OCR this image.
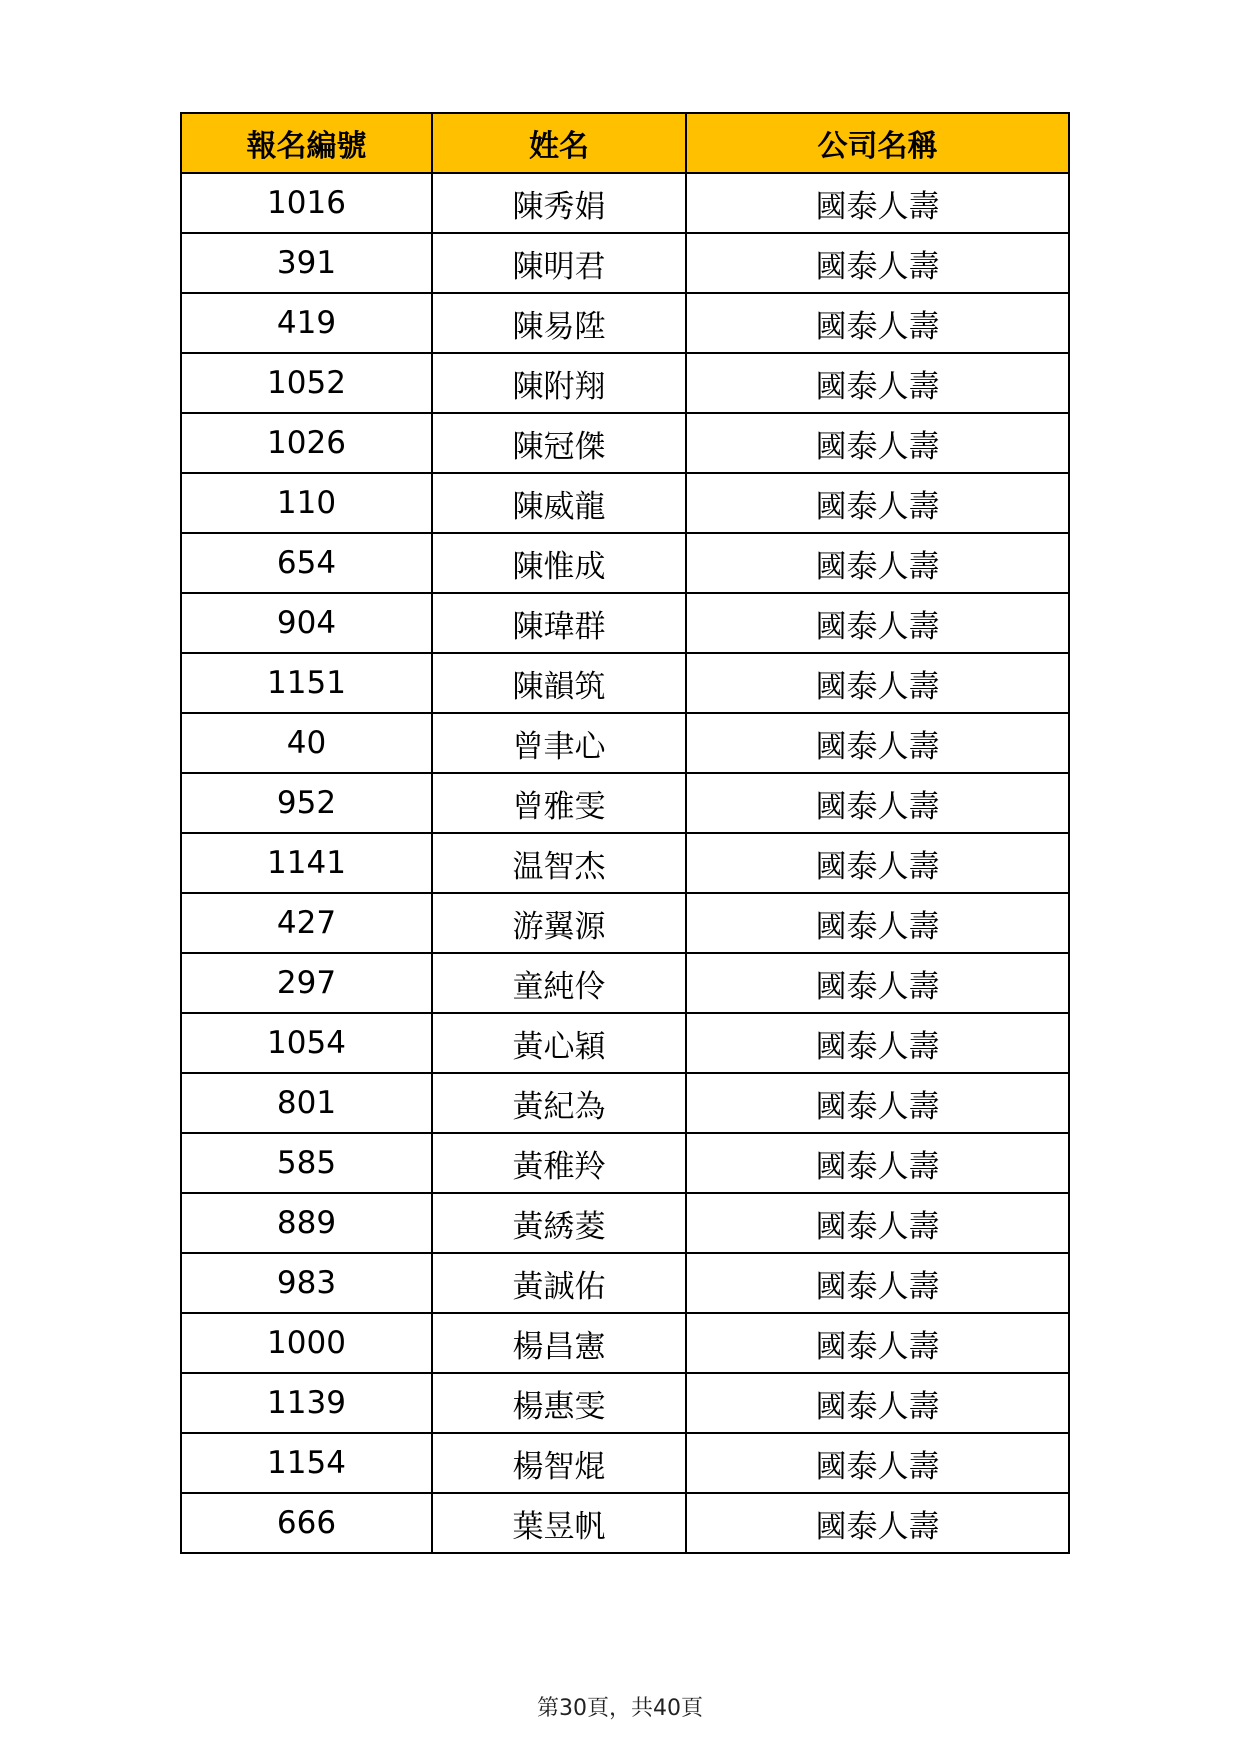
報名編號	姓名	公司名稱
1016	陳秀娟	國泰人壽
391	陳明君	國泰人壽
419	陳易陞	國泰人壽
1052	陳附翔	國泰人壽
1026	陳冠傑	國泰人壽
110	陳威龍	國泰人壽
654	陳惟成	國泰人壽
904	陳瑋群	國泰人壽
1151	陳韻筑	國泰人壽
40	曾聿心	國泰人壽
952	曾雅雯	國泰人壽
1141	温智杰	國泰人壽
427	游翼源	國泰人壽
297	童純伶	國泰人壽
1054	黃心穎	國泰人壽
801	黃紀為	國泰人壽
585	黃稚羚	國泰人壽
889	黃綉菱	國泰人壽
983	黃誠佑	國泰人壽
1000	楊昌憲	國泰人壽
1139	楊惠雯	國泰人壽
1154	楊智焜	國泰人壽
666	葉昱帆	國泰人壽
第30頁，共40頁
